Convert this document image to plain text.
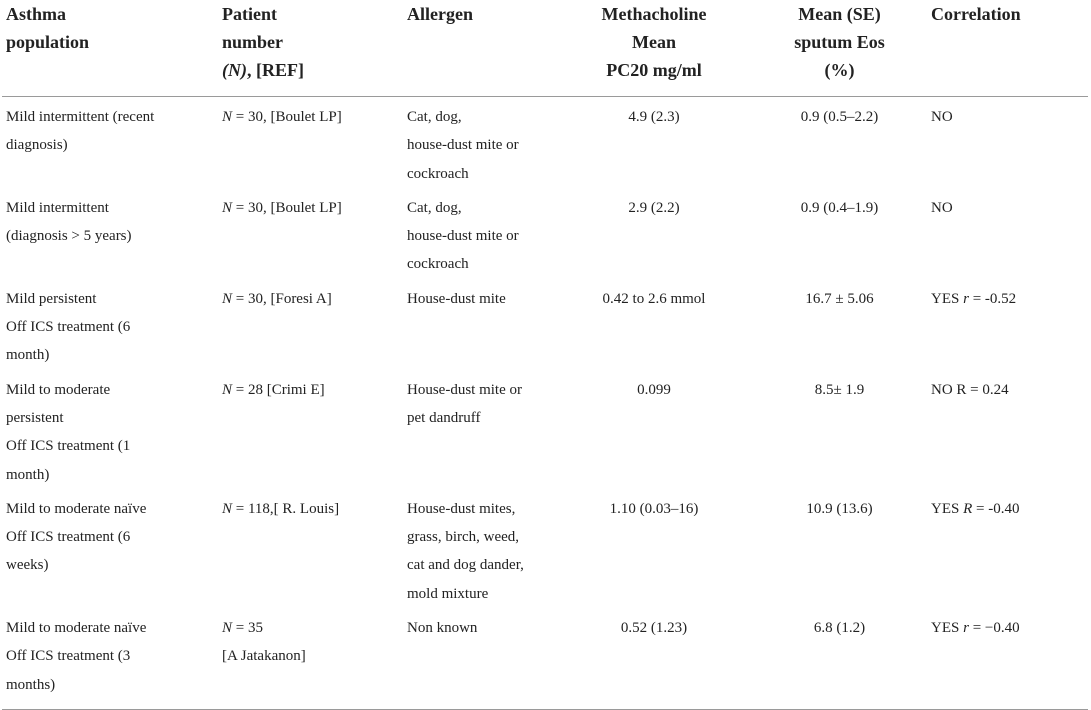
Asthma
population	Patient
number
(N), [REF]	Allergen	Methacholine
Mean
PC20 mg/ml	Mean (SE)
sputum Eos
(%)	Correlation

Mild intermittent (recent
diagnosis)	N = 30, [Boulet LP]	Cat, dog,
house-dust mite or
cockroach	4.9 (2.3)	0.9 (0.5–2.2)	NO

Mild intermittent
(diagnosis > 5 years)	N = 30, [Boulet LP]	Cat, dog,
house-dust mite or
cockroach	2.9 (2.2)	0.9 (0.4–1.9)	NO

Mild persistent
Off ICS treatment (6
month)	N = 30, [Foresi A]	House-dust mite	0.42 to 2.6 mmol	16.7 ± 5.06	YES r = -0.52

Mild to moderate
persistent
Off ICS treatment (1
month)	N = 28 [Crimi E]	House-dust mite or
pet dandruff	0.099	8.5± 1.9	NO R = 0.24

Mild to moderate naïve
Off ICS treatment (6
weeks)	N = 118,[ R. Louis]	House-dust mites,
grass, birch, weed,
cat and dog dander,
mold mixture	1.10 (0.03–16)	10.9 (13.6)	YES R = -0.40

Mild to moderate naïve
Off ICS treatment (3
months)	N = 35
[A Jatakanon]	Non known	0.52 (1.23)	6.8 (1.2)	YES r = −0.40
